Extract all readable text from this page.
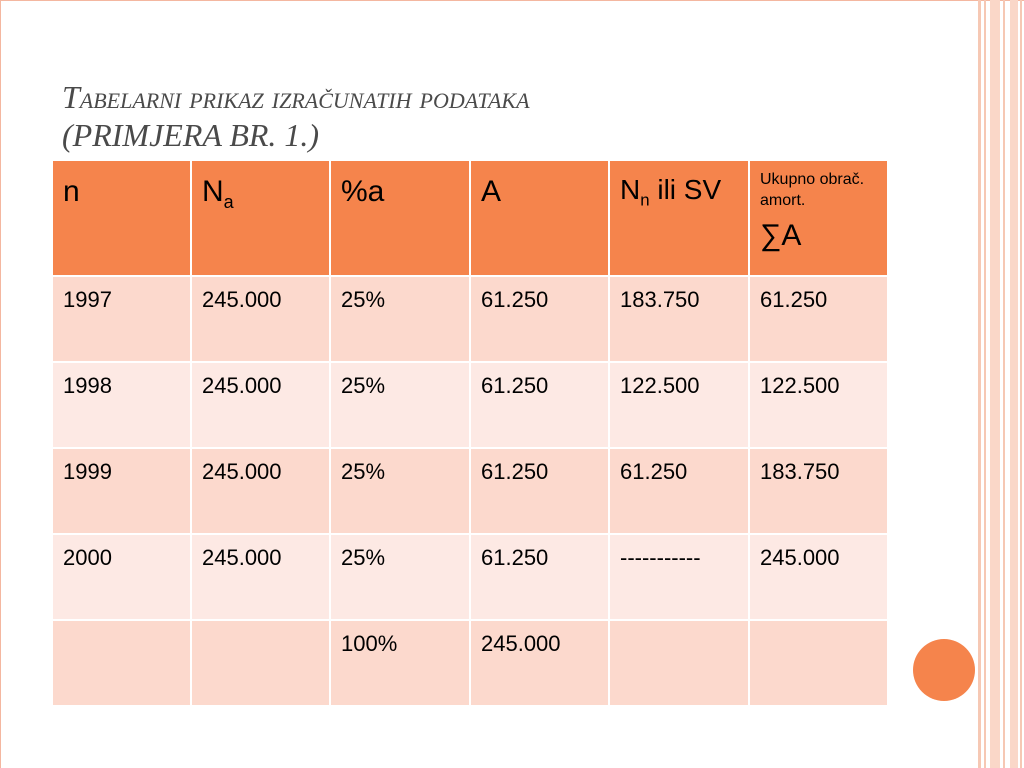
Tabelarni prikaz izračunatih podataka
(PRIMJERA BR. 1.)
n	$N_a$	%a	A	$N_n$ ili SV	Ukupno obrač. amort.
∑A

1997	245.000	25%	61.250	183.750	61.250
1998	245.000	25%	61.250	122.500	122.500
1999	245.000	25%	61.250	61.250	183.750
2000	245.000	25%	61.250	-----------	245.000
		100%	245.000		
